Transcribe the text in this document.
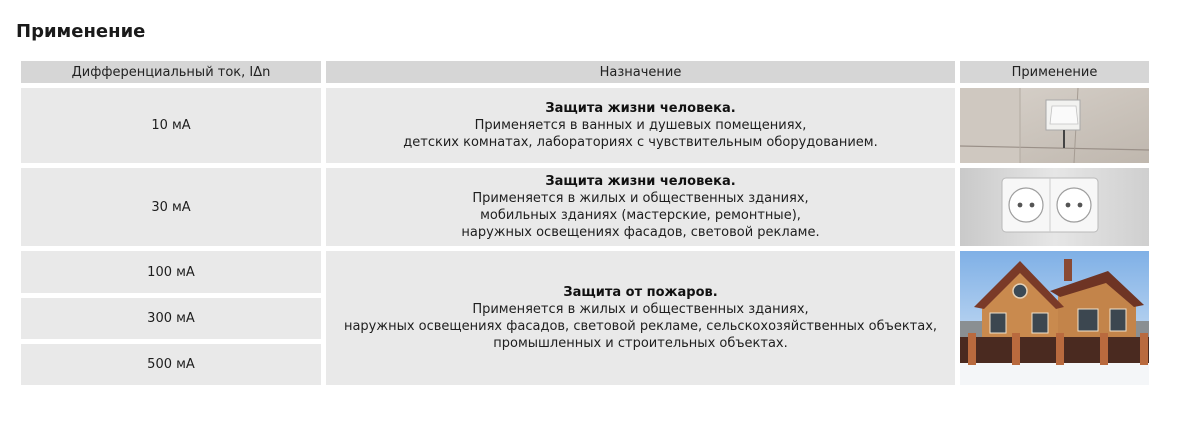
Применение
Дифференциальный ток, IΔn	Назначение	Применение
10 мА
30 мА
100 мА
300 мА
500 мА
Защита жизни человека.
Применяется в ванных и душевых помещениях,
детских комнатах, лабораториях с чувствительным оборудованием.
Защита жизни человека.
Применяется в жилых и общественных зданиях,
мобильных зданиях (мастерские, ремонтные),
наружных освещениях фасадов, световой рекламе.
Защита от пожаров.
Применяется в жилых и общественных зданиях,
наружных освещениях фасадов, световой рекламе, сельскохозяйственных объектах,
промышленных и строительных объектах.
